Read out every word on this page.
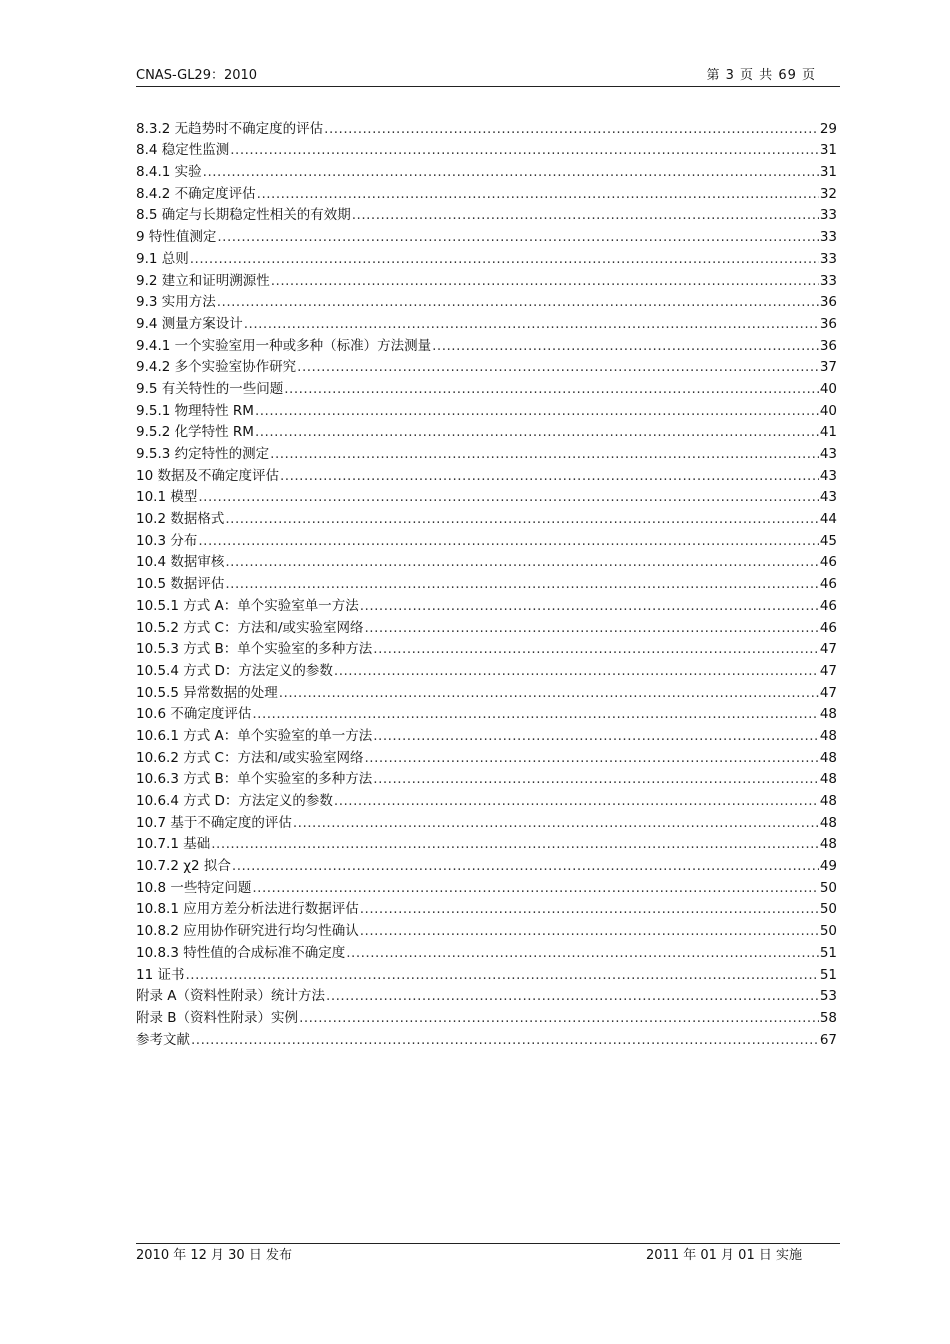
CNAS-GL29：2010	第 3 页 共 69 页
8.3.2 无趋势时不确定度的评估 .....	29
8.4 稳定性监测 .....	31
8.4.1 实验 .....	31
8.4.2 不确定度评估 .....	32
8.5 确定与长期稳定性相关的有效期 .....	33
9 特性值测定 .....	33
9.1 总则 .....	33
9.2 建立和证明溯源性 .....	33
9.3 实用方法 .....	36
9.4 测量方案设计 .....	36
9.4.1 一个实验室用一种或多种（标准）方法测量 .....	36
9.4.2 多个实验室协作研究 .....	37
9.5 有关特性的一些问题 .....	40
9.5.1 物理特性 RM .....	40
9.5.2 化学特性 RM .....	41
9.5.3 约定特性的测定 .....	43
10 数据及不确定度评估 .....	43
10.1 模型 .....	43
10.2 数据格式 .....	44
10.3 分布 .....	45
10.4 数据审核 .....	46
10.5 数据评估 .....	46
10.5.1 方式 A：单个实验室单一方法 .....	46
10.5.2 方式 C：方法和/或实验室网络 .....	46
10.5.3 方式 B：单个实验室的多种方法 .....	47
10.5.4 方式 D：方法定义的参数 .....	47
10.5.5 异常数据的处理 .....	47
10.6 不确定度评估 .....	48
10.6.1 方式 A：单个实验室的单一方法 .....	48
10.6.2 方式 C：方法和/或实验室网络 .....	48
10.6.3 方式 B：单个实验室的多种方法 .....	48
10.6.4 方式 D：方法定义的参数 .....	48
10.7 基于不确定度的评估 .....	48
10.7.1 基础 .....	48
10.7.2 χ2 拟合 .....	49
10.8 一些特定问题 .....	50
10.8.1 应用方差分析法进行数据评估 .....	50
10.8.2 应用协作研究进行均匀性确认 .....	50
10.8.3 特性值的合成标准不确定度 .....	51
11 证书 .....	51
附录 A（资料性附录）统计方法 .....	53
附录 B（资料性附录）实例 .....	58
参考文献 .....	67
2010 年 12 月 30 日 发布	2011 年 01 月 01 日 实施
